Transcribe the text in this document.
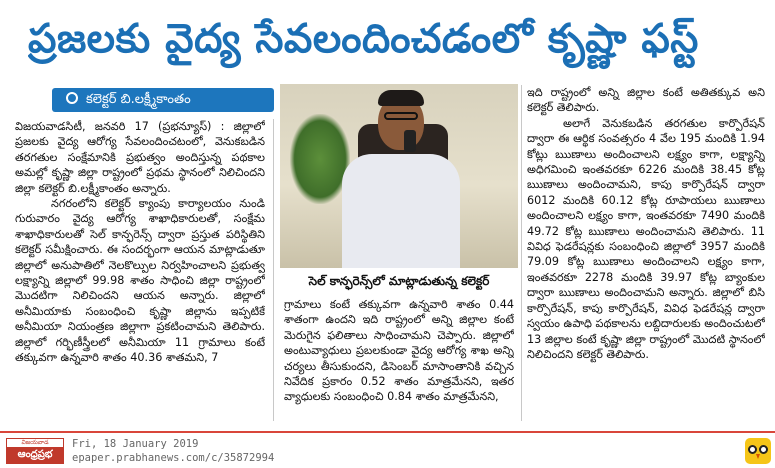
ప్రజలకు వైద్య సేవలందించడంలో కృష్ణా ఫస్ట్
కలెక్టర్ బి.లక్ష్మీకాంతం

విజయవాడసిటీ, జనవరి 17 (ప్రభన్యూస్) : జిల్లాలో ప్రజలకు వైద్య ఆరోగ్య సేవలందించటంలో, వెనుకబడిన తరగతుల సంక్షేమానికి ప్రభుత్వం అందిస్తున్న పథకాల అమల్లో కృష్ణా జిల్లా రాష్ట్రంలో ప్రథమ స్థానంలో నిలిచిందని జిల్లా కలెక్టర్ బి.లక్ష్మీకాంతం అన్నారు.

నగరంలోని కలెక్టర్ క్యాంపు కార్యాలయం నుండి గురువారం వైద్య ఆరోగ్య శాఖాధికారులతో, సంక్షేమ శాఖాధికారులతో సెల్ కాన్ఫరెన్స్ ద్వారా ప్రస్తుత పరిస్థితిని కలెక్టర్ సమీక్షించారు. ఈ సందర్భంగా ఆయన మాట్లాడుతూ జిల్లాలో అనుపాతిలో నెలకొల్పుల నిర్వహించాలని ప్రభుత్వ లక్ష్యాన్ని జిల్లాలో 99.98 శాతం సాధించి జిల్లా రాష్ట్రంలో మొదటిగా నిలిచిందని ఆయన అన్నారు. జిల్లాలో అనీమియాకు సంబంధించి కృష్ణా జిల్లాను ఇప్పటికే అనీమియా నియంత్రణ జిల్లాగా ప్రకటించామని తెలిపారు. జిల్లాలో గర్భిణీస్త్రీలలో అనీమియా 11 గ్రామాలు కంటే తక్కువగా ఉన్నవారి శాతం 40.36 శాతమని, 7

సెల్ కాన్ఫరెన్స్‌లో మాట్లాడుతున్న కలెక్టర్

గ్రామాలు కంటే తక్కువగా ఉన్నవారి శాతం 0.44 శాతంగా ఉందని ఇది రాష్ట్రంలో అన్ని జిల్లాల కంటే మెరుగైన ఫలితాలు సాధించామని చెప్పారు. జిల్లాలో అంటువ్యాధులు ప్రబలకుండా వైద్య ఆరోగ్య శాఖ అన్ని చర్యలు తీసుకుందని, డిసెంబర్ మాసాంతానికి వచ్చిన నివేదిక ప్రకారం 0.52 శాతం మాత్రమేనని, ఇతర వ్యాధులకు సంబంధించి 0.84 శాతం మాత్రమేనని,

ఇది రాష్ట్రంలో అన్ని జిల్లాల కంటే అతితక్కువ అని కలెక్టర్ తెలిపారు.

అలాగే వెనుకబడిన తరగతుల కార్పొరేషన్ ద్వారా ఈ ఆర్థిక సంవత్సరం 4 వేల 195 మందికి 1.94 కోట్లు ఋణాలు అందించాలని లక్ష్యం కాగా, లక్ష్యాన్ని అధిగమించి ఇంతవరకూ 6226 మందికి 38.45 కోట్ల ఋణాలు అందించామని, కాపు కార్పొరేషన్ ద్వారా 6012 మందికి 60.12 కోట్ల రూపాయలు ఋణాలు అందించాలని లక్ష్యం కాగా, ఇంతవరకూ 7490 మందికి 49.72 కోట్ల ఋణాలు అందించామని తెలిపారు. 11 వివిధ ఫెడరేషన్లకు సంబంధించి జిల్లాలో 3957 మందికి 79.09 కోట్ల ఋణాలు అందించాలని లక్ష్యం కాగా, ఇంతవరకూ 2278 మందికి 39.97 కోట్ల బ్యాంకుల ద్వారా ఋణాలు అందించామని అన్నారు. జిల్లాలో బిసి కార్పొరేషన్, కాపు కార్పొరేషన్, వివిధ ఫెడరేషన్ల ద్వారా స్వయం ఉపాధి పథకాలను లబ్దిదారులకు అందించుటలో 13 జిల్లాల కంటే కృష్ణా జిల్లా రాష్ట్రంలో మొదటి స్థానంలో నిలిచిందని కలెక్టర్ తెలిపారు.

విజయవాడ
ఆంధ్రప్రభ
Fri, 18 January 2019
epaper.prabhanews.com/c/35872994
